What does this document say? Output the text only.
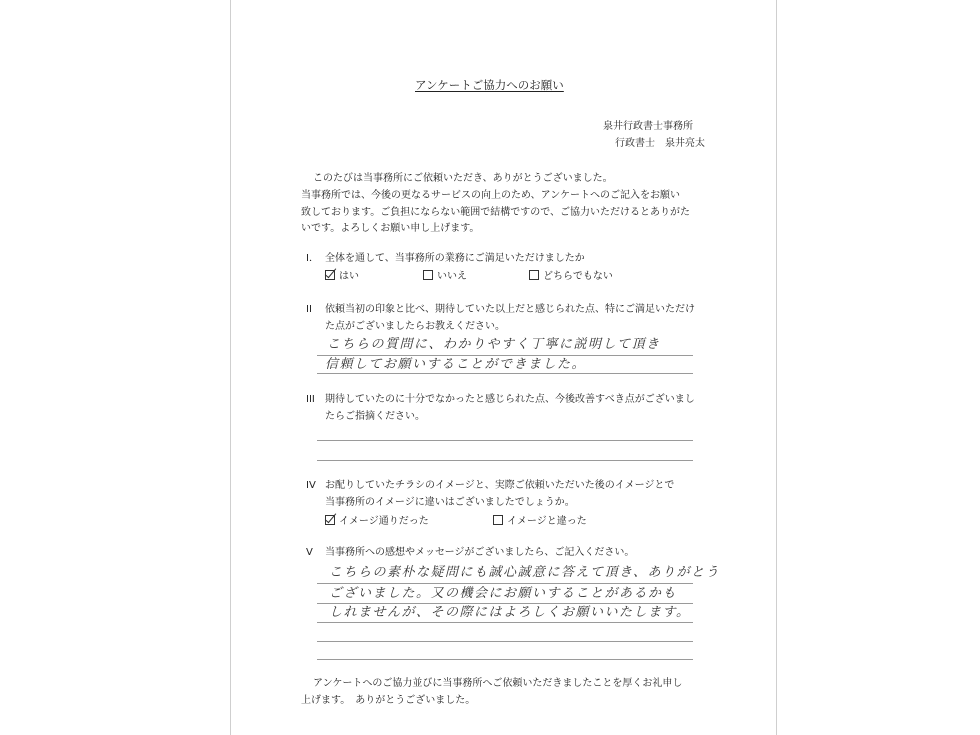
アンケートご協力へのお願い
泉井行政書士事務所
行政書士　泉井亮太
このたびは当事務所にご依頼いただき、ありがとうございました。
当事務所では、今後の更なるサービスの向上のため、アンケートへのご記入をお願い
致しております。ご負担にならない範囲で結構ですので、ご協力いただけるとありがた
いです。よろしくお願い申し上げます。
I． 全体を通して、当事務所の業務にご満足いただけましたか
はい	いいえ	どちらでもない
II 依頼当初の印象と比べ、期待していた以上だと感じられた点、特にご満足いただけ
た点がございましたらお教えください。
こちらの質問に、わかりやすく丁寧に説明して頂き
信頼してお願いすることができました。
III 期待していたのに十分でなかったと感じられた点、今後改善すべき点がございまし
たらご指摘ください。
IV お配りしていたチラシのイメージと、実際ご依頼いただいた後のイメージとで
当事務所のイメージに違いはございましたでしょうか。
イメージ通りだった	イメージと違った
V 当事務所への感想やメッセージがございましたら、ご記入ください。
こちらの素朴な疑問にも誠心誠意に答えて頂き、ありがとう
ございました。又の機会にお願いすることがあるかも
しれませんが、その際にはよろしくお願いいたします。
アンケートへのご協力並びに当事務所へご依頼いただきましたことを厚くお礼申し
上げます。　ありがとうございました。
